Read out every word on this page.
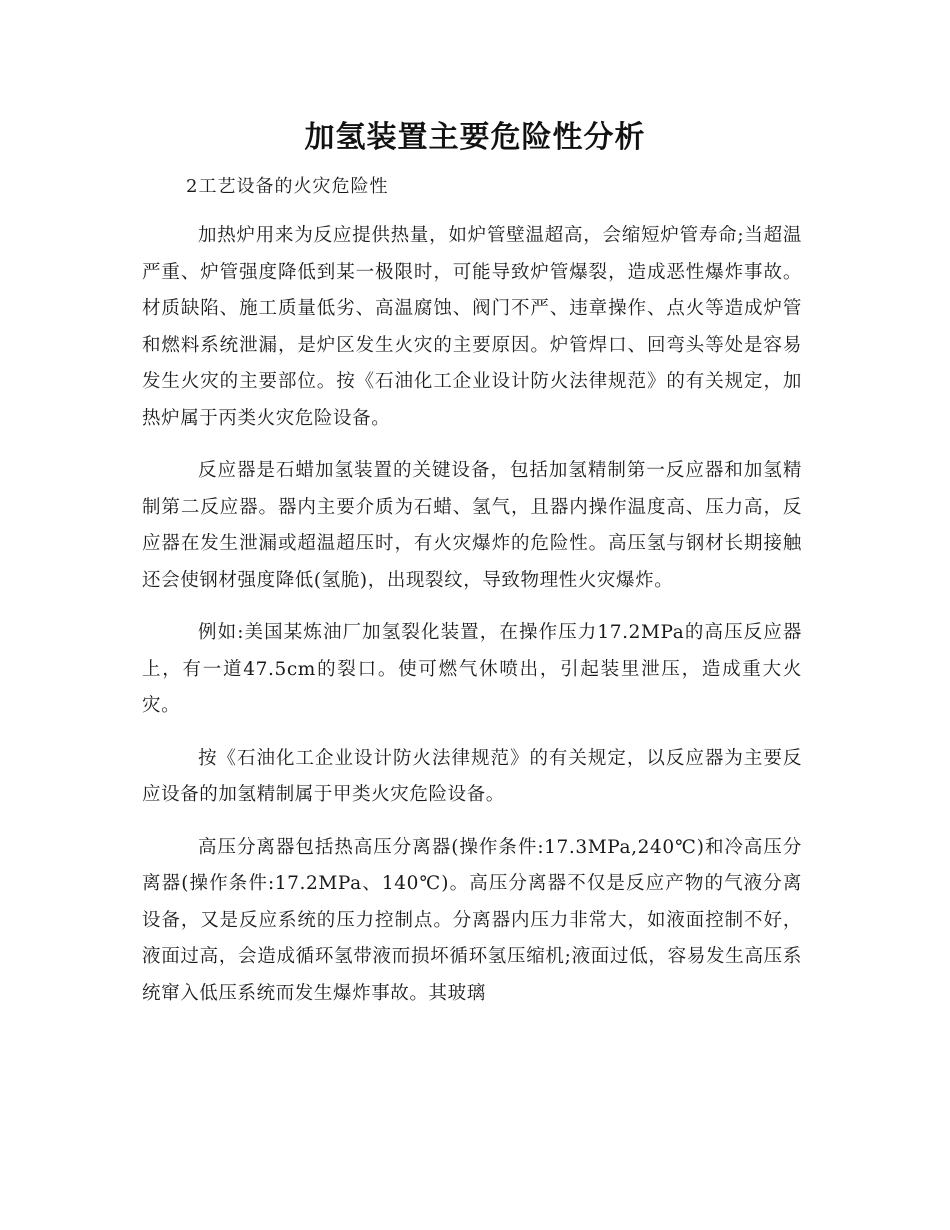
加氢装置主要危险性分析

2工艺设备的火灾危险性

加热炉用来为反应提供热量，如炉管壁温超高，会缩短炉管寿命;当超温严重、炉管强度降低到某一极限时，可能导致炉管爆裂，造成恶性爆炸事故。材质缺陷、施工质量低劣、高温腐蚀、阀门不严、违章操作、点火等造成炉管和燃料系统泄漏，是炉区发生火灾的主要原因。炉管焊口、回弯头等处是容易发生火灾的主要部位。按《石油化工企业设计防火法律规范》的有关规定，加热炉属于丙类火灾危险设备。

反应器是石蜡加氢装置的关键设备，包括加氢精制第一反应器和加氢精制第二反应器。器内主要介质为石蜡、氢气，且器内操作温度高、压力高，反应器在发生泄漏或超温超压时，有火灾爆炸的危险性。高压氢与钢材长期接触还会使钢材强度降低(氢脆)，出现裂纹，导致物理性火灾爆炸。

例如:美国某炼油厂加氢裂化装置，在操作压力17.2MPa的高压反应器上，有一道47.5cm的裂口。使可燃气休喷出，引起装里泄压，造成重大火灾。

按《石油化工企业设计防火法律规范》的有关规定，以反应器为主要反应设备的加氢精制属于甲类火灾危险设备。

高压分离器包括热高压分离器(操作条件:17.3MPa,240℃)和冷高压分离器(操作条件:17.2MPa、140℃)。高压分离器不仅是反应产物的气液分离设备，又是反应系统的压力控制点。分离器内压力非常大，如液面控制不好，液面过高，会造成循环氢带液而损坏循环氢压缩机;液面过低，容易发生高压系统窜入低压系统而发生爆炸事故。其玻璃
